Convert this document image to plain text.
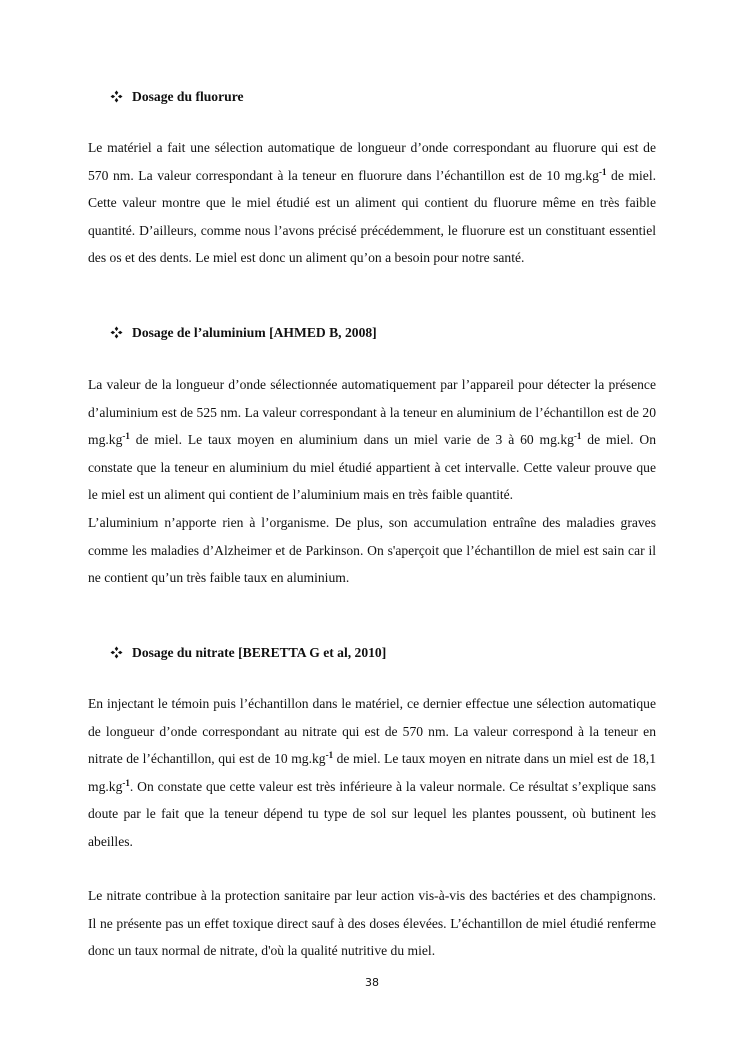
Dosage du fluorure

Le matériel a fait une sélection automatique de longueur d’onde correspondant au fluorure qui est de 570 nm. La valeur correspondant à la teneur en fluorure dans l’échantillon est de 10 $mg.kg^{-1}$ de miel. Cette valeur montre que le miel étudié est un aliment qui contient du fluorure même en très faible quantité. D’ailleurs, comme nous l’avons précisé précédemment, le fluorure est un constituant essentiel des os et des dents. Le miel est donc un aliment qu’on a besoin pour notre santé.

Dosage de l’aluminium [AHMED B, 2008]

La valeur de la longueur d’onde sélectionnée automatiquement par l’appareil pour détecter la présence d’aluminium est de 525 nm. La valeur correspondant à la teneur en aluminium de l’échantillon est de 20 $mg.kg^{-1}$ de miel. Le taux moyen en aluminium dans un miel varie de 3 à 60 $mg.kg^{-1}$ de miel. On constate que la teneur en aluminium du miel étudié appartient à cet intervalle. Cette valeur prouve que le miel est un aliment qui contient de l’aluminium mais en très faible quantité.

L’aluminium n’apporte rien à l’organisme. De plus, son accumulation entraîne des maladies graves comme les maladies d’Alzheimer et de Parkinson. On s'aperçoit que l’échantillon de miel est sain car il ne contient qu’un très faible taux en aluminium.

Dosage du nitrate [BERETTA G et al, 2010]

En injectant le témoin puis l’échantillon dans le matériel, ce dernier effectue une sélection automatique de longueur d’onde correspondant au nitrate qui est de 570 nm. La valeur correspond à la teneur en nitrate de l’échantillon, qui est de 10 $mg.kg^{-1}$ de miel. Le taux moyen en nitrate dans un miel est de 18,1 $mg.kg^{-1}$. On constate que cette valeur est très inférieure à la valeur normale. Ce résultat s’explique sans doute par le fait que la teneur dépend tu type de sol sur lequel les plantes poussent, où butinent les abeilles.

Le nitrate contribue à la protection sanitaire par leur action vis-à-vis des bactéries et des champignons. Il ne présente pas un effet toxique direct sauf à des doses élevées. L’échantillon de miel étudié renferme donc un taux normal de nitrate, d'où la qualité nutritive du miel.

38
